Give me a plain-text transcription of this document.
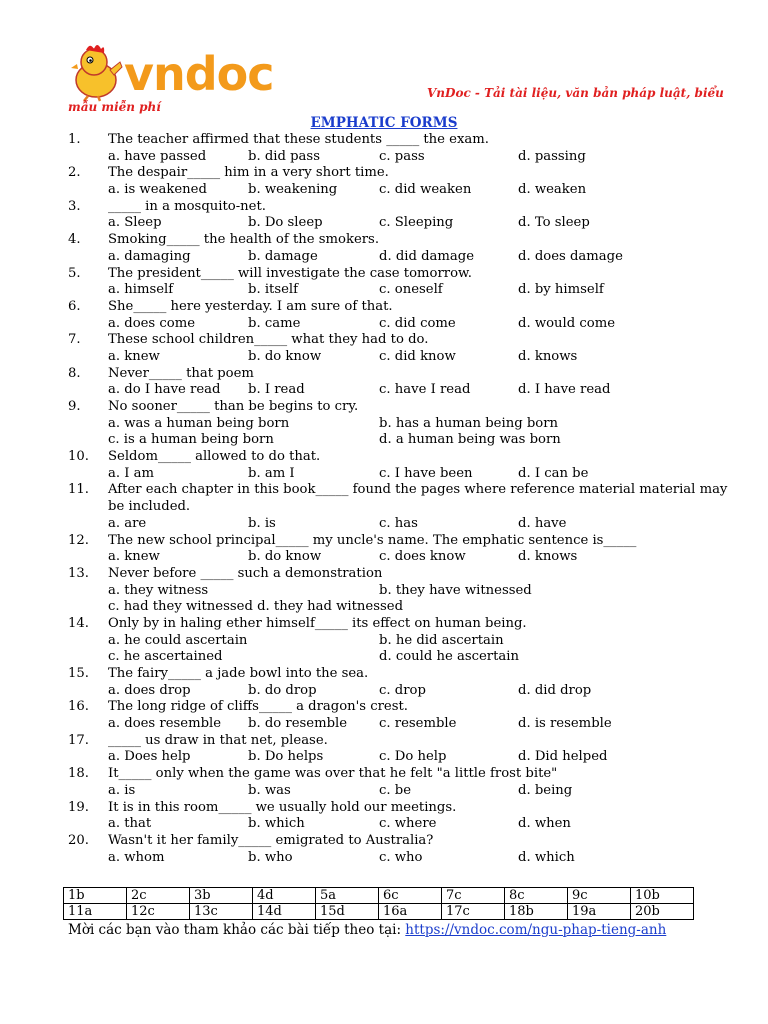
vndoc	VnDoc - Tải tài liệu, văn bản pháp luật, biểu
mẫu miễn phí
EMPHATIC FORMS
1. The teacher affirmed that these students _____ the exam.
a. have passed	b. did pass	c. pass	d. passing
2. The despair_____ him in a very short time.
a. is weakened	b. weakening	c. did weaken	d. weaken
3. _____ in a mosquito-net.
a. Sleep	b. Do sleep	c. Sleeping	d. To sleep
4. Smoking_____ the health of the smokers.
a. damaging	b. damage	d. did damage	d. does damage
5. The president_____ will investigate the case tomorrow.
a. himself	b. itself	c. oneself	d. by himself
6. She_____ here yesterday. I am sure of that.
a. does come	b. came	c. did come	d. would come
7. These school children_____ what they had to do.
a. knew	b. do know	c. did know	d. knows
8. Never_____ that poem
a. do I have read b. I read	c. have I read	d. I have read
9. No sooner_____ than be begins to cry.
a. was a human being born	b. has a human being born
c. is a human being born	d. a human being was born
10. Seldom_____ allowed to do that.
a. I am	b. am I	c. I have been	d. I can be
11. After each chapter in this book_____ found the pages where reference material material may
be included.
a. are	b. is	c. has	d. have
12. The new school principal_____ my uncle's name. The emphatic sentence is_____
a. knew	b. do know	c. does know	d. knows
13. Never before _____ such a demonstration
a. they witness	b. they have witnessed
c. had they witnessed d. they had witnessed
14. Only by in haling ether himself_____ its effect on human being.
a. he could ascertain	b. he did ascertain
c. he ascertained	d. could he ascertain
15. The fairy_____ a jade bowl into the sea.
a. does drop	b. do drop	c. drop	d. did drop
16. The long ridge of cliffs_____ a dragon's crest.
a. does resemble b. do resemble c. resemble	d. is resemble
17. _____ us draw in that net, please.
a. Does help	b. Do helps	c. Do help	d. Did helped
18. It_____ only when the game was over that he felt "a little frost bite"
a. is	b. was	c. be	d. being
19. It is in this room_____ we usually hold our meetings.
a. that	b. which	c. where	d. when
20. Wasn't it her family_____ emigrated to Australia?
a. whom	b. who	c. who	d. which
1b	2c	3b	4d	5a	6c	7c	8c	9c	10b
11a	12c	13c	14d	15d	16a	17c	18b	19a	20b
Mời các bạn vào tham khảo các bài tiếp theo tại: https://vndoc.com/ngu-phap-tieng-anh
